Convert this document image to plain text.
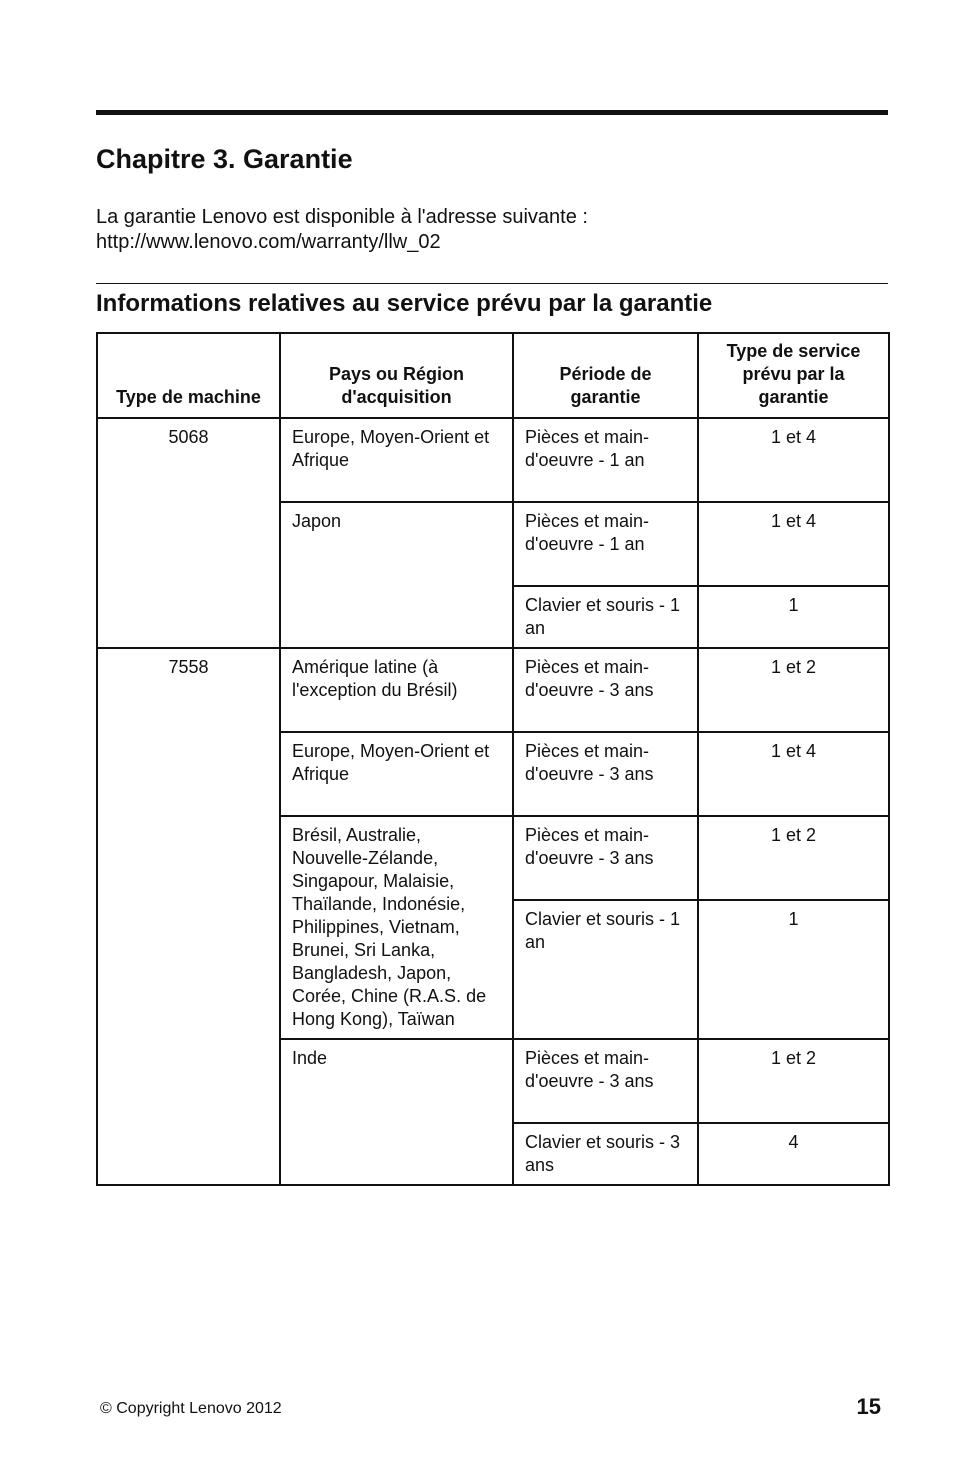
Chapitre 3. Garantie
La garantie Lenovo est disponible à l'adresse suivante :
http://www.lenovo.com/warranty/llw_02
Informations relatives au service prévu par la garantie
Type de machine	Pays ou Région d'acquisition	Période de garantie	Type de service prévu par la garantie
5068	Europe, Moyen-Orient et Afrique	Pièces et main-d'oeuvre - 1 an	1 et 4
	Japon	Pièces et main-d'oeuvre - 1 an	1 et 4
		Clavier et souris - 1 an	1
7558	Amérique latine (à l'exception du Brésil)	Pièces et main-d'oeuvre - 3 ans	1 et 2
	Europe, Moyen-Orient et Afrique	Pièces et main-d'oeuvre - 3 ans	1 et 4
	Brésil, Australie, Nouvelle-Zélande, Singapour, Malaisie, Thaïlande, Indonésie, Philippines, Vietnam, Brunei, Sri Lanka, Bangladesh, Japon, Corée, Chine (R.A.S. de Hong Kong), Taïwan	Pièces et main-d'oeuvre - 3 ans	1 et 2
		Clavier et souris - 1 an	1
	Inde	Pièces et main-d'oeuvre - 3 ans	1 et 2
		Clavier et souris - 3 ans	4
© Copyright Lenovo 2012	15
